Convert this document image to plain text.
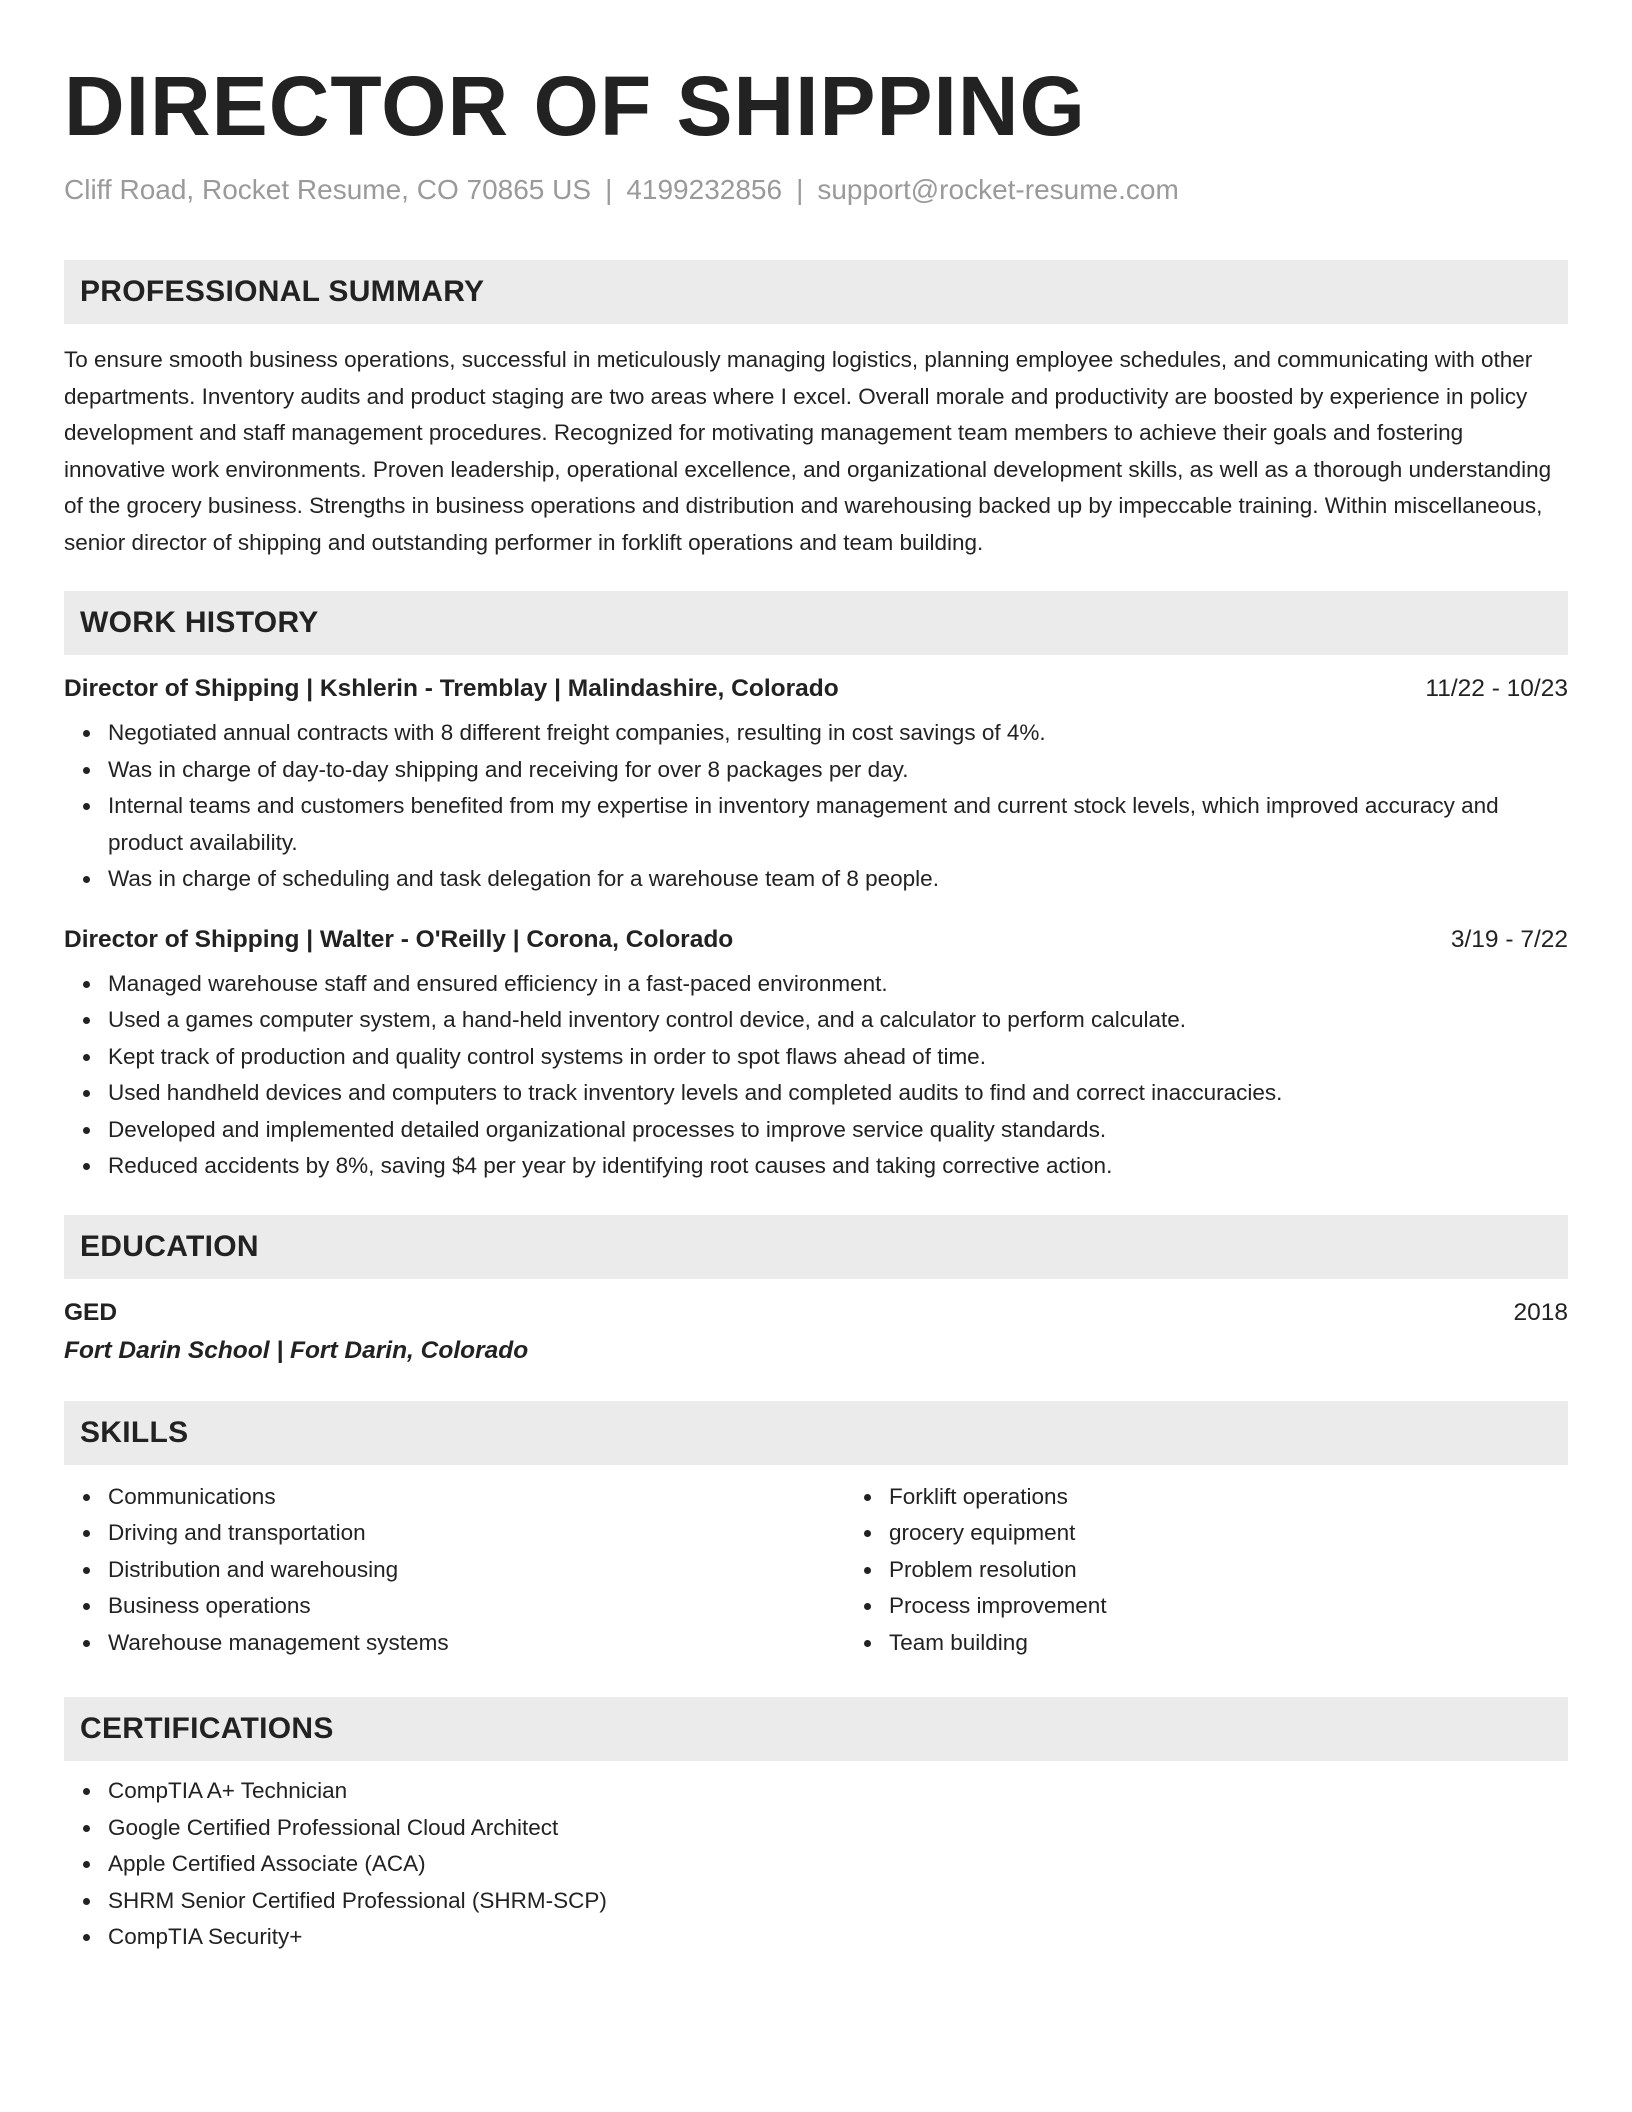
DIRECTOR OF SHIPPING
Cliff Road, Rocket Resume, CO 70865 US | 4199232856 | support@rocket-resume.com
PROFESSIONAL SUMMARY

To ensure smooth business operations, successful in meticulously managing logistics, planning employee schedules, and communicating with other departments. Inventory audits and product staging are two areas where I excel. Overall morale and productivity are boosted by experience in policy development and staff management procedures. Recognized for motivating management team members to achieve their goals and fostering innovative work environments. Proven leadership, operational excellence, and organizational development skills, as well as a thorough understanding of the grocery business. Strengths in business operations and distribution and warehousing backed up by impeccable training. Within miscellaneous, senior director of shipping and outstanding performer in forklift operations and team building.

WORK HISTORY
Director of Shipping | Kshlerin - Tremblay | Malindashire, Colorado	11/22 - 10/23
Negotiated annual contracts with 8 different freight companies, resulting in cost savings of 4%.
Was in charge of day-to-day shipping and receiving for over 8 packages per day.
Internal teams and customers benefited from my expertise in inventory management and current stock levels, which improved accuracy and product availability.
Was in charge of scheduling and task delegation for a warehouse team of 8 people.
Director of Shipping | Walter - O'Reilly | Corona, Colorado	3/19 - 7/22
Managed warehouse staff and ensured efficiency in a fast-paced environment.
Used a games computer system, a hand-held inventory control device, and a calculator to perform calculate.
Kept track of production and quality control systems in order to spot flaws ahead of time.
Used handheld devices and computers to track inventory levels and completed audits to find and correct inaccuracies.
Developed and implemented detailed organizational processes to improve service quality standards.
Reduced accidents by 8%, saving $4 per year by identifying root causes and taking corrective action.
EDUCATION
GED	2018
Fort Darin School | Fort Darin, Colorado
SKILLS
Communications
Driving and transportation
Distribution and warehousing
Business operations
Warehouse management systems
Forklift operations
grocery equipment
Problem resolution
Process improvement
Team building
CERTIFICATIONS
CompTIA A+ Technician
Google Certified Professional Cloud Architect
Apple Certified Associate (ACA)
SHRM Senior Certified Professional (SHRM-SCP)
CompTIA Security+
